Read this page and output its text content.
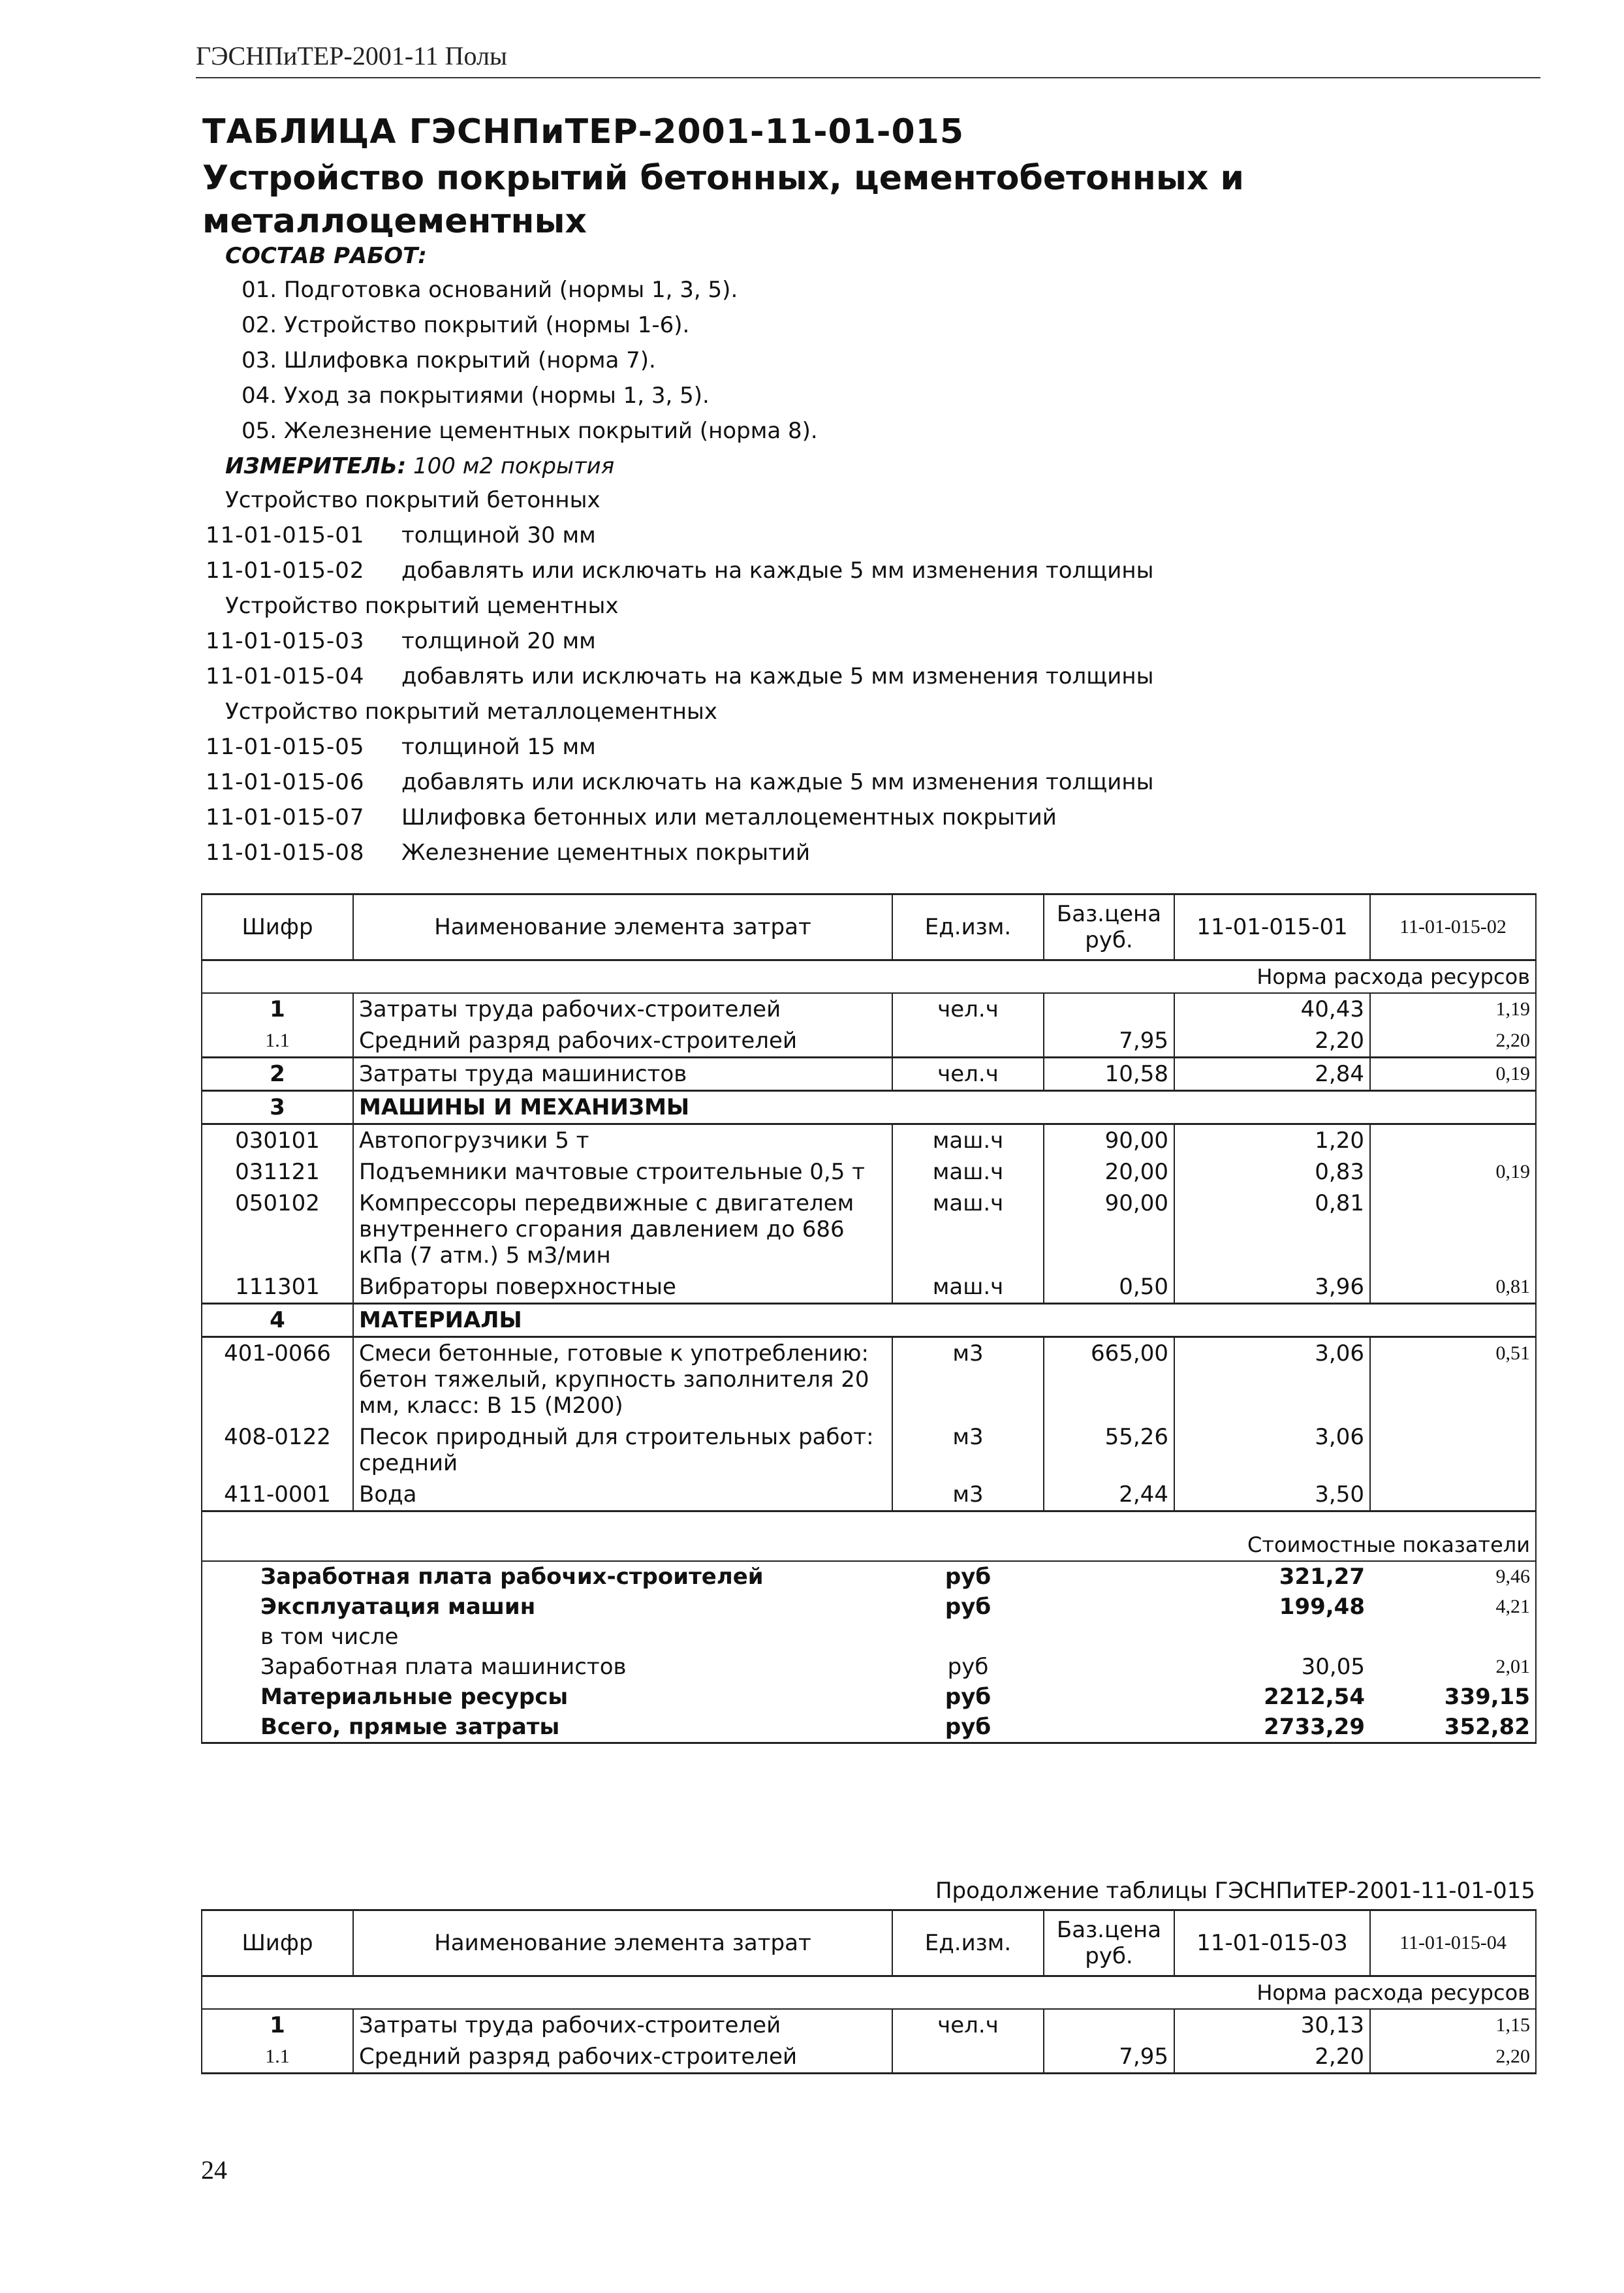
ГЭСНПиТЕР-2001-11 Полы
ТАБЛИЦА ГЭСНПиТЕР-2001-11-01-015
Устройство покрытий бетонных, цементобетонных и металлоцементных
СОСТАВ РАБОТ:
01. Подготовка оснований (нормы 1, 3, 5).
02. Устройство покрытий (нормы 1-6).
03. Шлифовка покрытий (норма 7).
04. Уход за покрытиями (нормы 1, 3, 5).
05. Железнение цементных покрытий (норма 8).
ИЗМЕРИТЕЛЬ: 100 м2 покрытия
Устройство покрытий бетонных
11-01-015-01 толщиной 30 мм
11-01-015-02 добавлять или исключать на каждые 5 мм изменения толщины
Устройство покрытий цементных
11-01-015-03 толщиной 20 мм
11-01-015-04 добавлять или исключать на каждые 5 мм изменения толщины
Устройство покрытий металлоцементных
11-01-015-05 толщиной 15 мм
11-01-015-06 добавлять или исключать на каждые 5 мм изменения толщины
11-01-015-07 Шлифовка бетонных или металлоцементных покрытий
11-01-015-08 Железнение цементных покрытий
Шифр	Наименование элемента затрат	Ед.изм.	Баз.цена руб.	11-01-015-01	11-01-015-02
Норма расхода ресурсов
1	Затраты труда рабочих-строителей	чел.ч		40,43	1,19
1.1	Средний разряд рабочих-строителей		7,95	2,20	2,20
2	Затраты труда машинистов	чел.ч	10,58	2,84	0,19
3	МАШИНЫ И МЕХАНИЗМЫ
030101	Автопогрузчики 5 т	маш.ч	90,00	1,20	
031121	Подъемники мачтовые строительные 0,5 т	маш.ч	20,00	0,83	0,19
050102	Компрессоры передвижные с двигателем внутреннего сгорания давлением до 686 кПа (7 атм.) 5 м3/мин	маш.ч	90,00	0,81	
111301	Вибраторы поверхностные	маш.ч	0,50	3,96	0,81
4	МАТЕРИАЛЫ
401-0066	Смеси бетонные, готовые к употреблению: бетон тяжелый, крупность заполнителя 20 мм, класс: В 15 (М200)	м3	665,00	3,06	0,51
408-0122	Песок природный для строительных работ: средний	м3	55,26	3,06	
411-0001	Вода	м3	2,44	3,50	
Стоимостные показатели
	Заработная плата рабочих-строителей	руб		321,27	9,46
	Эксплуатация машин	руб		199,48	4,21
	в том числе				
	Заработная плата машинистов	руб		30,05	2,01
	Материальные ресурсы	руб		2212,54	339,15
	Всего, прямые затраты	руб		2733,29	352,82
Продолжение таблицы ГЭСНПиТЕР-2001-11-01-015
Шифр	Наименование элемента затрат	Ед.изм.	Баз.цена руб.	11-01-015-03	11-01-015-04
Норма расхода ресурсов					
1	Затраты труда рабочих-строителей	чел.ч		30,13	1,15
1.1	Средний разряд рабочих-строителей		7,95	2,20	2,20
24
